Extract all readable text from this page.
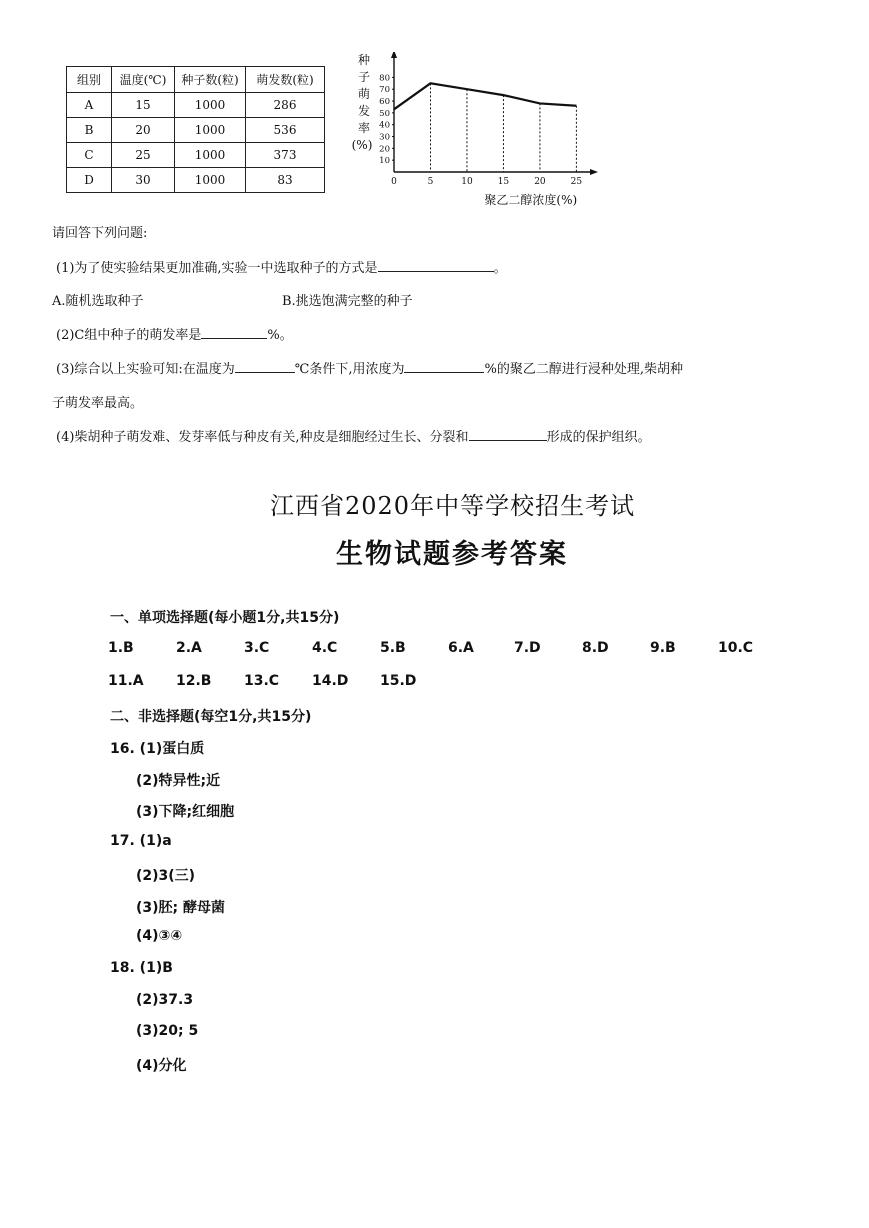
组别	温度(℃)	种子数(粒)	萌发数(粒)
A	15	1000	286
B	20	1000	536
C	25	1000	373
D	30	1000	83
10
20
30
40
50
60
70
80
0	5	10	15	20	25
种
子
萌
发
率
(%)
聚乙二醇浓度(%)
请回答下列问题:
(1)为了使实验结果更加准确,实验一中选取种子的方式是	。
A.随机选取种子	B.挑选饱满完整的种子
(2)C组中种子的萌发率是	%。
(3)综合以上实验可知:在温度为	℃条件下,用浓度为	%的聚乙二醇进行浸种处理,柴胡种
子萌发率最高。
(4)柴胡种子萌发难、发芽率低与种皮有关,种皮是细胞经过生长、分裂和	形成的保护组织。
江西省2020年中等学校招生考试
生物试题参考答案
一、单项选择题(每小题1分,共15分)
1.B	2.A	3.C	4.C	5.B	6.A	7.D	8.D	9.B	10.C
11.A 12.B 13.C 14.D 15.D
二、非选择题(每空1分,共15分)
16. (1)蛋白质
(2)特异性;近
(3)下降;红细胞
17. (1)a
(2)3(三)
(3)胚; 酵母菌
(4)③④
18. (1)B
(2)37.3
(3)20; 5
(4)分化
